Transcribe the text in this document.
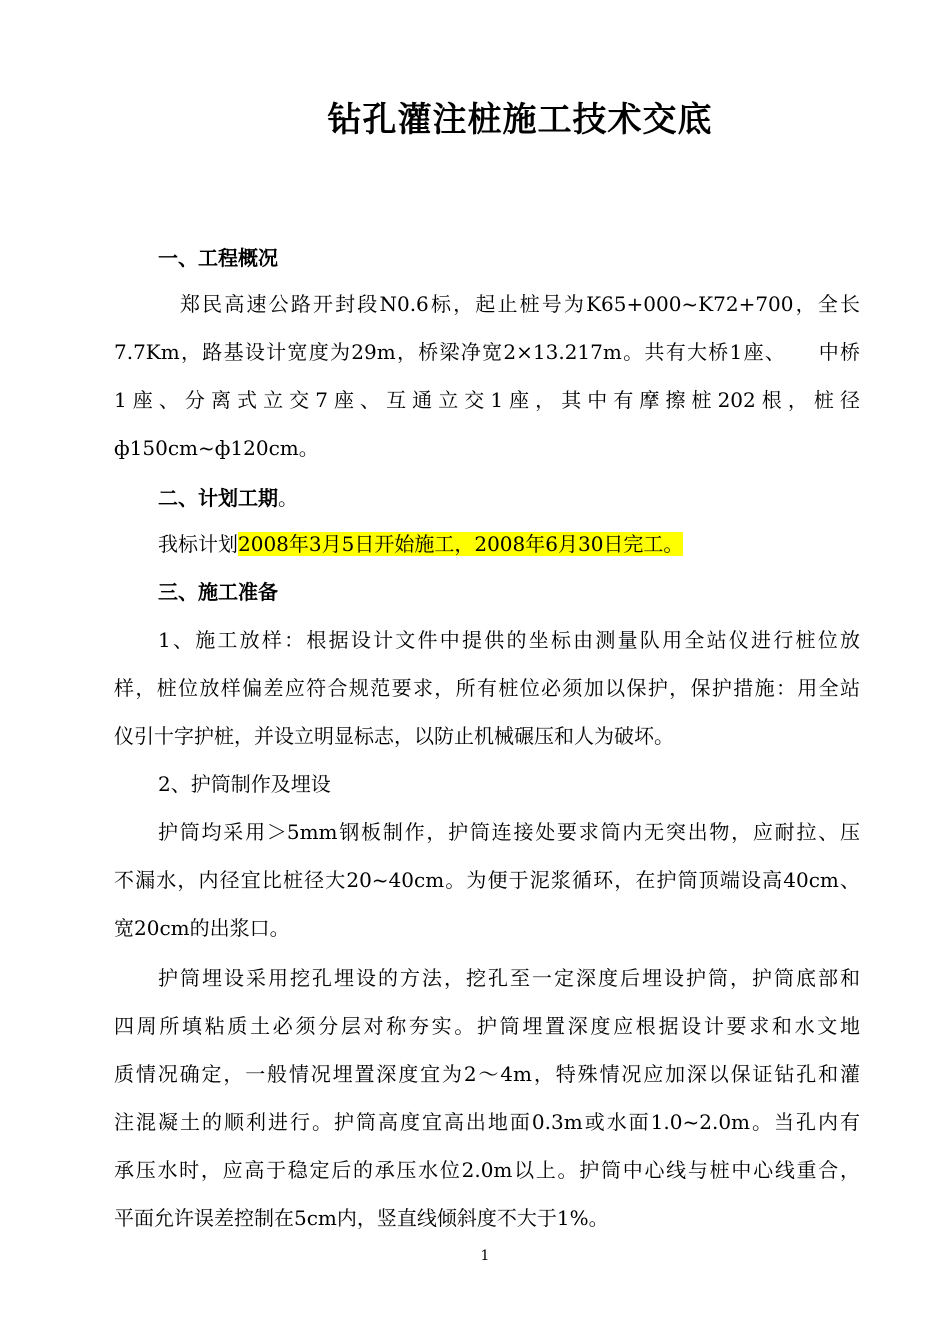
钻孔灌注桩施工技术交底
一、工程概况
郑民高速公路开封段N0.6标，起止桩号为K65+000~K72+700，全长
7.7Km，路基设计宽度为29m，桥梁净宽2×13.217m。共有大桥1座、　　中桥
1座、分离式立交7座、互通立交1座，其中有摩擦桩202根，桩径
ф150cm~ф120cm。
二、计划工期。
我标计划2008年3月5日开始施工，2008年6月30日完工。
三、施工准备
1、施工放样：根据设计文件中提供的坐标由测量队用全站仪进行桩位放
样，桩位放样偏差应符合规范要求，所有桩位必须加以保护，保护措施：用全站
仪引十字护桩，并设立明显标志，以防止机械碾压和人为破坏。
2、护筒制作及埋设
护筒均采用＞5mm钢板制作，护筒连接处要求筒内无突出物，应耐拉、压
不漏水，内径宜比桩径大20~40cm。为便于泥浆循环，在护筒顶端设高40cm、
宽20cm的出浆口。
护筒埋设采用挖孔埋设的方法，挖孔至一定深度后埋设护筒，护筒底部和
四周所填粘质土必须分层对称夯实。护筒埋置深度应根据设计要求和水文地
质情况确定，一般情况埋置深度宜为2～4m，特殊情况应加深以保证钻孔和灌
注混凝土的顺利进行。护筒高度宜高出地面0.3m或水面1.0~2.0m。当孔内有
承压水时，应高于稳定后的承压水位2.0m以上。护筒中心线与桩中心线重合，
平面允许误差控制在5cm内，竖直线倾斜度不大于1%。
1
